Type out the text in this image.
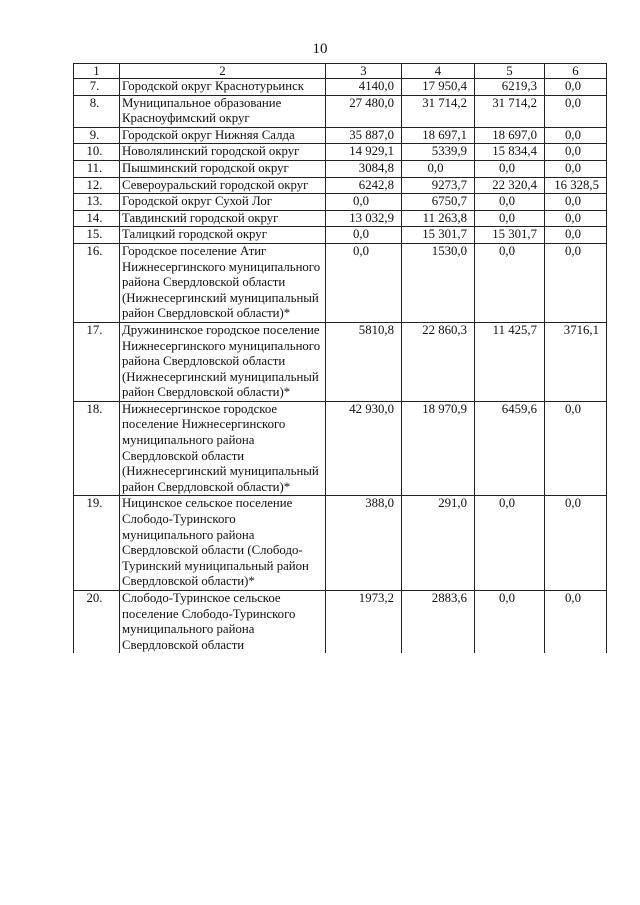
10
1	2	3	4	5	6
7.	Городской округ Краснотурьинск	4140,0	17 950,4	6219,3	0,0
8.	Муниципальное образование Красноуфимский округ	27 480,0	31 714,2	31 714,2	0,0
9.	Городской округ Нижняя Салда	35 887,0	18 697,1	18 697,0	0,0
10.	Новолялинский городской округ	14 929,1	5339,9	15 834,4	0,0
11.	Пышминский городской округ	3084,8	0,0	0,0	0,0
12.	Североуральский городской округ	6242,8	9273,7	22 320,4	16 328,5
13.	Городской округ Сухой Лог	0,0	6750,7	0,0	0,0
14.	Тавдинский городской округ	13 032,9	11 263,8	0,0	0,0
15.	Талицкий городской округ	0,0	15 301,7	15 301,7	0,0
16.	Городское поселение Атиг Нижнесергинского муниципального района Свердловской области (Нижнесергинский муниципальный район Свердловской области)*	0,0	1530,0	0,0	0,0
17.	Дружининское городское поселение Нижнесергинского муниципального района Свердловской области (Нижнесергинский муниципальный район Свердловской области)*	5810,8	22 860,3	11 425,7	3716,1
18.	Нижнесергинское городское поселение Нижнесергинского муниципального района Свердловской области (Нижнесергинский муниципальный район Свердловской области)*	42 930,0	18 970,9	6459,6	0,0
19.	Ницинское сельское поселение Слободо-Туринского муниципального района Свердловской области (Слободо-Туринский муниципальный район Свердловской области)*	388,0	291,0	0,0	0,0
20.	Слободо-Туринское сельское поселение Слободо-Туринского муниципального района Свердловской области	1973,2	2883,6	0,0	0,0
